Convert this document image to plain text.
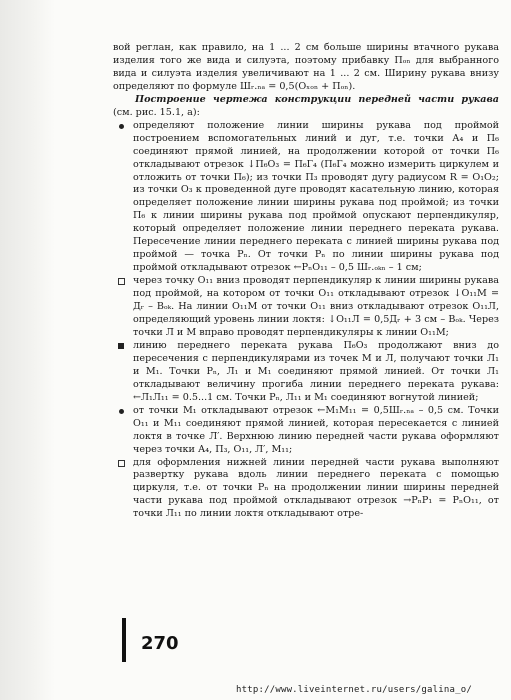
вой реглан, как правило, на 1 ... 2 см больше ширины втачного рукава изделия того же вида и силуэта, поэтому прибавку Пₒₙ для выбранного вида и силуэта изделия увеличивают на 1 ... 2 см. Ширину рукава внизу определяют по формуле Шᵣ.ₙₐ = 0,5(Оₓₒₙ + Пₒₙ).

Построение чертежа конструкции передней части рукава (см. рис. 15.1, а):

определяют положение линии ширины рукава под проймой построением вспомогательных линий и дуг, т.е. точки А₄ и П₆ соединяют прямой линией, на продолжении которой от точки П₆ откладывают отрезок ↓П₆О₃ = П₆Г₄ (П₆Г₄ можно измерить циркулем и отложить от точки П₆); из точки П₃ проводят дугу радиусом R = О₁О₂; из точки О₃ к проведенной дуге проводят касательную линию, которая определяет положение линии ширины рукава под проймой; из точки П₆ к линии ширины рукава под проймой опускают перпендикуляр, который определяет положение линии переднего переката рукава. Пересечение линии переднего переката с линией ширины рукава под проймой — точка Рₙ. От точки Рₙ по линии ширины рукава под проймой откладывают отрезок ←РₙО₁₁ – 0,5 Шᵣ.ₒₖₙ – 1 см;
через точку О₁₁ вниз проводят перпендикуляр к линии ширины рукава под проймой, на котором от точки О₁₁ откладывают отрезок ↓О₁₁М = Дᵣ – Вₒₖ. На линии О₁₁М от точки О₁₁ вниз откладывают отрезок О₁₁Л, определяющий уровень линии локтя: ↓О₁₁Л = 0,5Дᵣ + 3 см – Вₒₖ. Через точки Л и М вправо проводят перпендикуляры к линии О₁₁М;
линию переднего переката рукава П₆О₃ продолжают вниз до пересечения с перпендикулярами из точек М и Л, получают точки Л₁ и М₁. Точки Рₙ, Л₁ и М₁ соединяют прямой линией. От точки Л₁ откладывают величину прогиба линии переднего переката рукава: ←Л₁Л₁₁ = 0.5...1 см. Точки Рₙ, Л₁₁ и М₁ соединяют вогнутой линией;
от точки М₁ откладывают отрезок ←М₁М₁₁ = 0,5Шᵣ.ₙₐ – 0,5 см. Точки О₁₁ и М₁₁ соединяют прямой линией, которая пересекается с линией локтя в точке Л′. Верхнюю линию передней части рукава оформляют через точки А₄, П₃, О₁₁, Л′, М₁₁;
для оформления нижней линии передней части рукава выполняют развертку рукава вдоль линии переднего переката с помощью циркуля, т.е. от точки Рₙ на продолжении линии ширины передней части рукава под проймой откладывают отрезок →РₙР₁ = РₙО₁₁, от точки Л₁₁ по линии локтя откладывают отре-
270
http://www.liveinternet.ru/users/galina_o/
